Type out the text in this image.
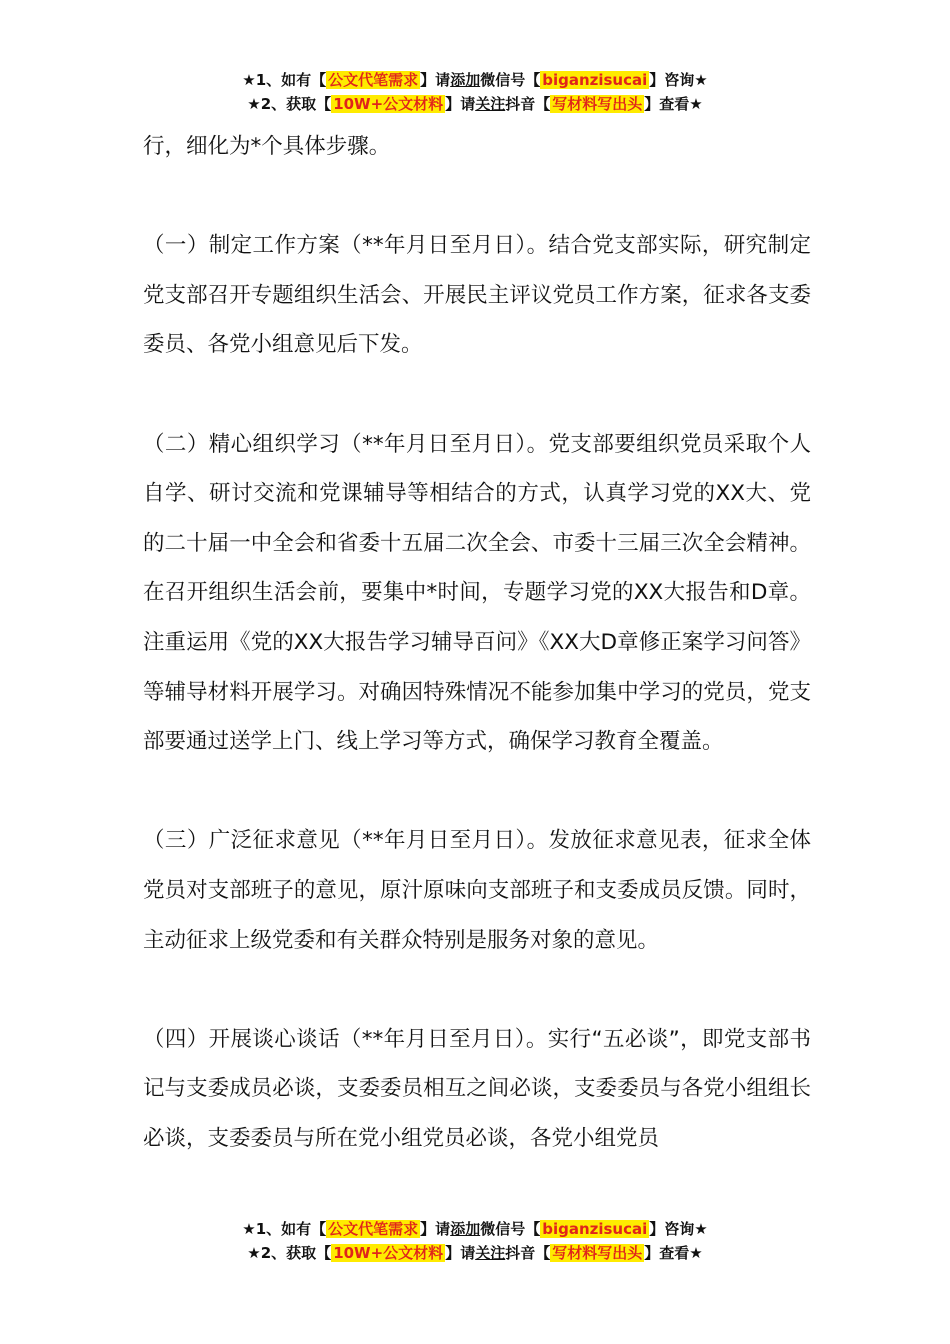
★1、如有【 公文代笔需求 】请添加微信号【 biganzisucai 】咨询★
★2、获取【 10W+公文材料 】请关注抖音【 写材料写出头 】查看★

行，细化为*个具体步骤。

（一）制定工作方案（**年月日至月日）。结合党支部实际，研究制定党支部召开专题组织生活会、开展民主评议党员工作方案，征求各支委委员、各党小组意见后下发。

（二）精心组织学习（**年月日至月日）。党支部要组织党员采取个人自学、研讨交流和党课辅导等相结合的方式，认真学习党的XX大、党的二十届一中全会和省委十五届二次全会、市委十三届三次全会精神。在召开组织生活会前，要集中*时间，专题学习党的XX大报告和D章。注重运用《党的XX大报告学习辅导百问》《XX大D章修正案学习问答》等辅导材料开展学习。对确因特殊情况不能参加集中学习的党员，党支部要通过送学上门、线上学习等方式，确保学习教育全覆盖。

（三）广泛征求意见（**年月日至月日）。发放征求意见表，征求全体党员对支部班子的意见，原汁原味向支部班子和支委成员反馈。同时，主动征求上级党委和有关群众特别是服务对象的意见。

（四）开展谈心谈话（**年月日至月日）。实行“五必谈”，即党支部书记与支委成员必谈，支委委员相互之间必谈，支委委员与各党小组组长必谈，支委委员与所在党小组党员必谈，各党小组党员

★1、如有【 公文代笔需求 】请添加微信号【 biganzisucai 】咨询★
★2、获取【 10W+公文材料 】请关注抖音【 写材料写出头 】查看★
